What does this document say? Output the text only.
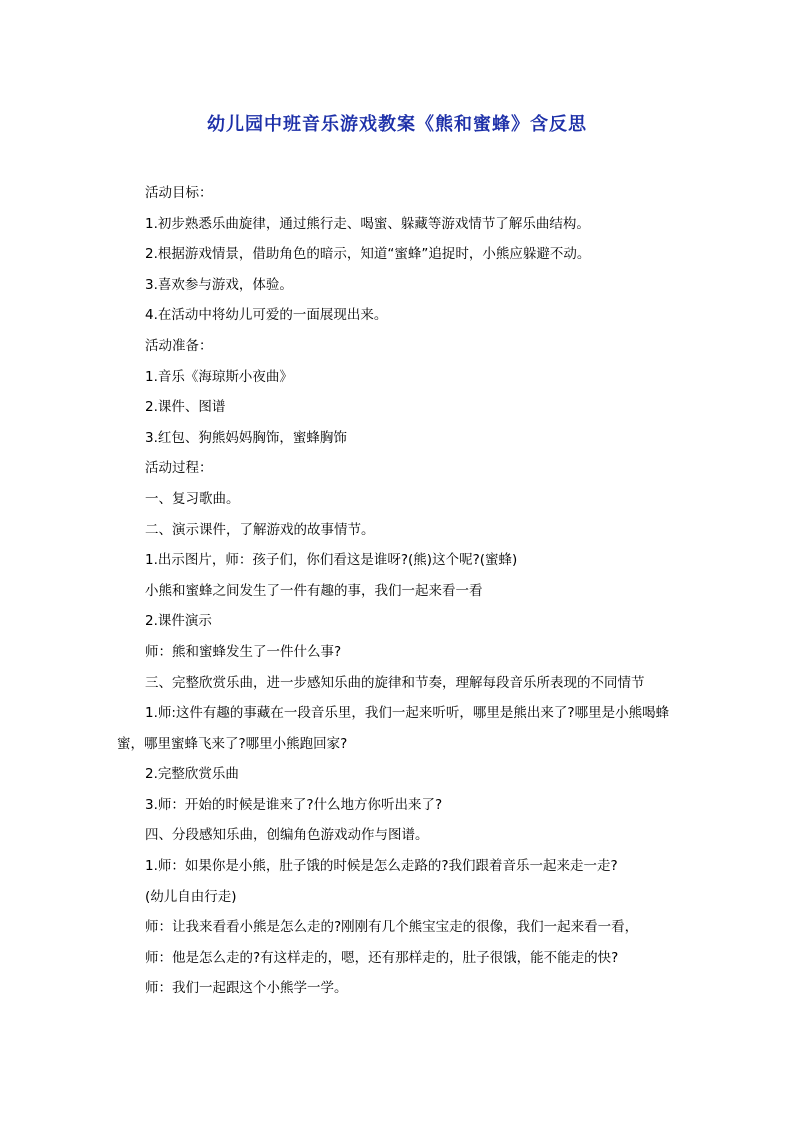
幼儿园中班音乐游戏教案《熊和蜜蜂》含反思
活动目标：
1.初步熟悉乐曲旋律，通过熊行走、喝蜜、躲藏等游戏情节了解乐曲结构。
2.根据游戏情景，借助角色的暗示，知道“蜜蜂”追捉时，小熊应躲避不动。
3.喜欢参与游戏，体验。
4.在活动中将幼儿可爱的一面展现出来。
活动准备：
1.音乐《海琼斯小夜曲》
2.课件、图谱
3.红包、狗熊妈妈胸饰，蜜蜂胸饰
活动过程：
一、复习歌曲。
二、演示课件，了解游戏的故事情节。
1.出示图片，师：孩子们，你们看这是谁呀?(熊)这个呢?(蜜蜂)
小熊和蜜蜂之间发生了一件有趣的事，我们一起来看一看
2.课件演示
师：熊和蜜蜂发生了一件什么事?
三、完整欣赏乐曲，进一步感知乐曲的旋律和节奏，理解每段音乐所表现的不同情节
1.师:这件有趣的事藏在一段音乐里，我们一起来听听，哪里是熊出来了?哪里是小熊喝蜂蜜，哪里蜜蜂飞来了?哪里小熊跑回家?
2.完整欣赏乐曲
3.师：开始的时候是谁来了?什么地方你听出来了?
四、分段感知乐曲，创编角色游戏动作与图谱。
1.师：如果你是小熊，肚子饿的时候是怎么走路的?我们跟着音乐一起来走一走?
(幼儿自由行走)
师：让我来看看小熊是怎么走的?刚刚有几个熊宝宝走的很像，我们一起来看一看，
师：他是怎么走的?有这样走的，嗯，还有那样走的，肚子很饿，能不能走的快?
师：我们一起跟这个小熊学一学。
